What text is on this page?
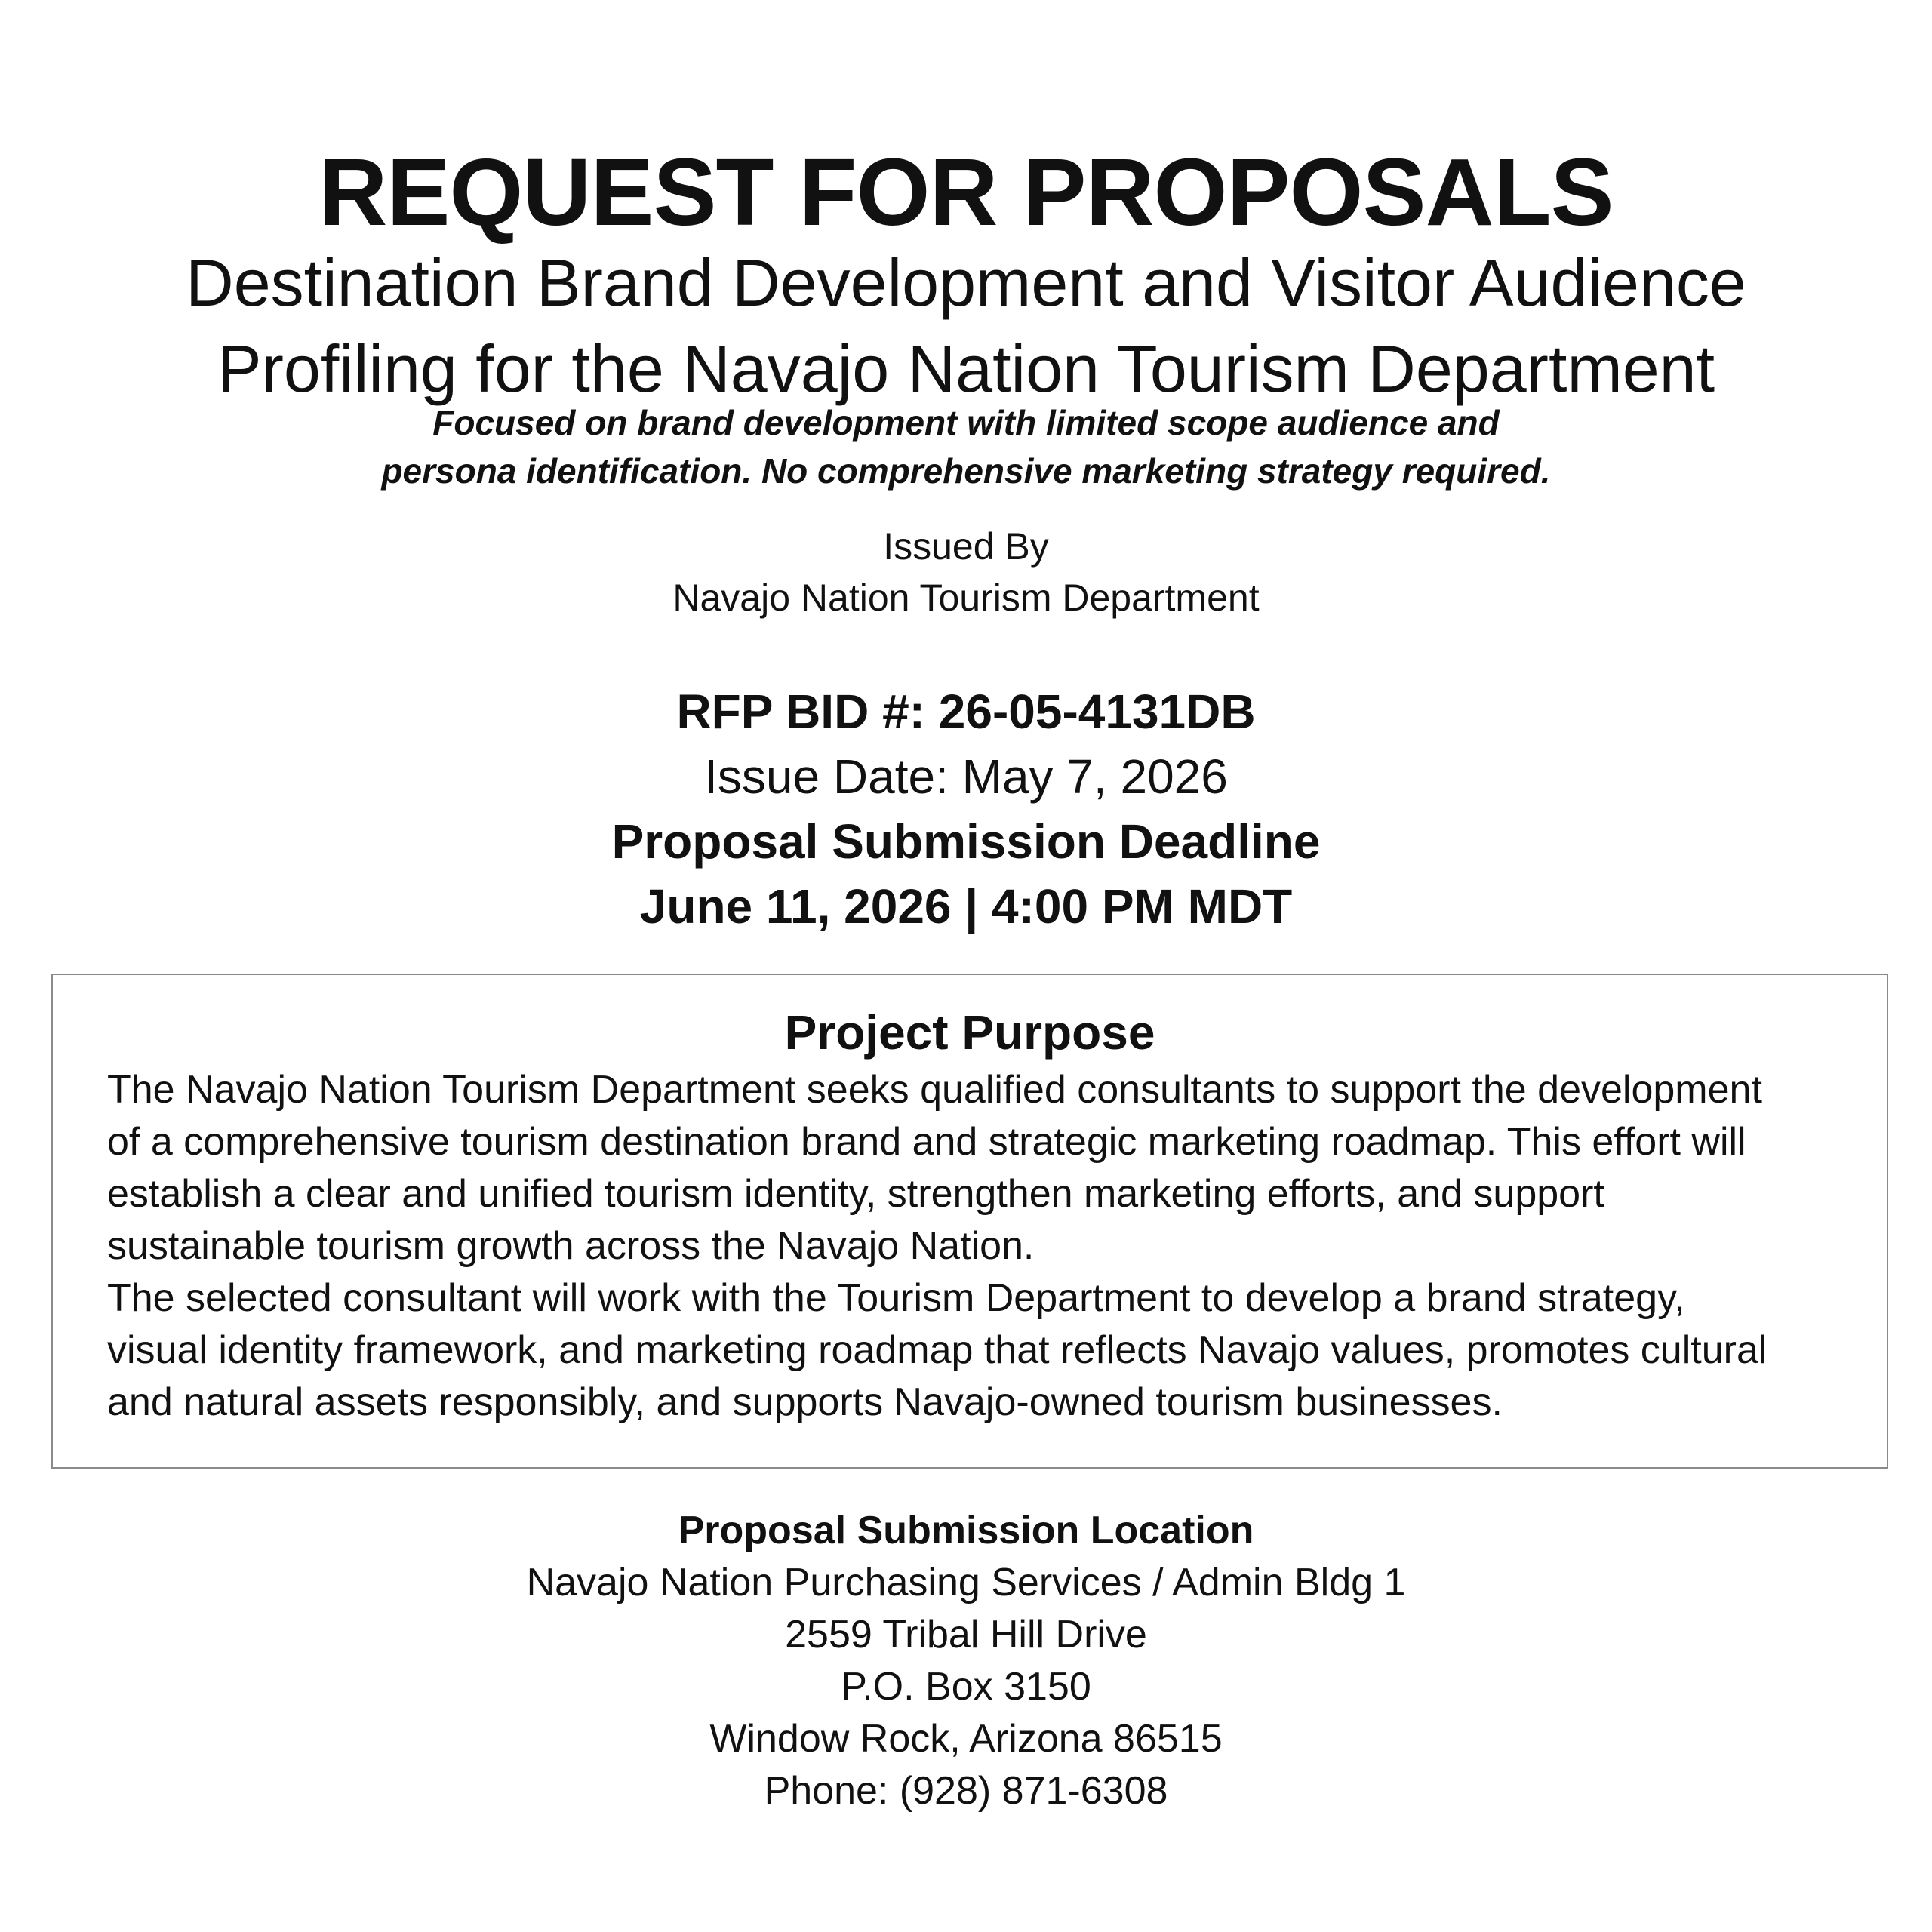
REQUEST FOR PROPOSALS
Destination Brand Development and Visitor Audience
Profiling for the Navajo Nation Tourism Department
Focused on brand development with limited scope audience and
persona identification. No comprehensive marketing strategy required.
Issued By
Navajo Nation Tourism Department
RFP BID #: 26-05-4131DB
Issue Date: May 7, 2026
Proposal Submission Deadline
June 11, 2026 | 4:00 PM MDT
Project Purpose
The Navajo Nation Tourism Department seeks qualified consultants to support the development
of a comprehensive tourism destination brand and strategic marketing roadmap. This effort will
establish a clear and unified tourism identity, strengthen marketing efforts, and support
sustainable tourism growth across the Navajo Nation.
The selected consultant will work with the Tourism Department to develop a brand strategy,
visual identity framework, and marketing roadmap that reflects Navajo values, promotes cultural
and natural assets responsibly, and supports Navajo-owned tourism businesses.
Proposal Submission Location
Navajo Nation Purchasing Services / Admin Bldg 1
2559 Tribal Hill Drive
P.O. Box 3150
Window Rock, Arizona 86515
Phone: (928) 871-6308
